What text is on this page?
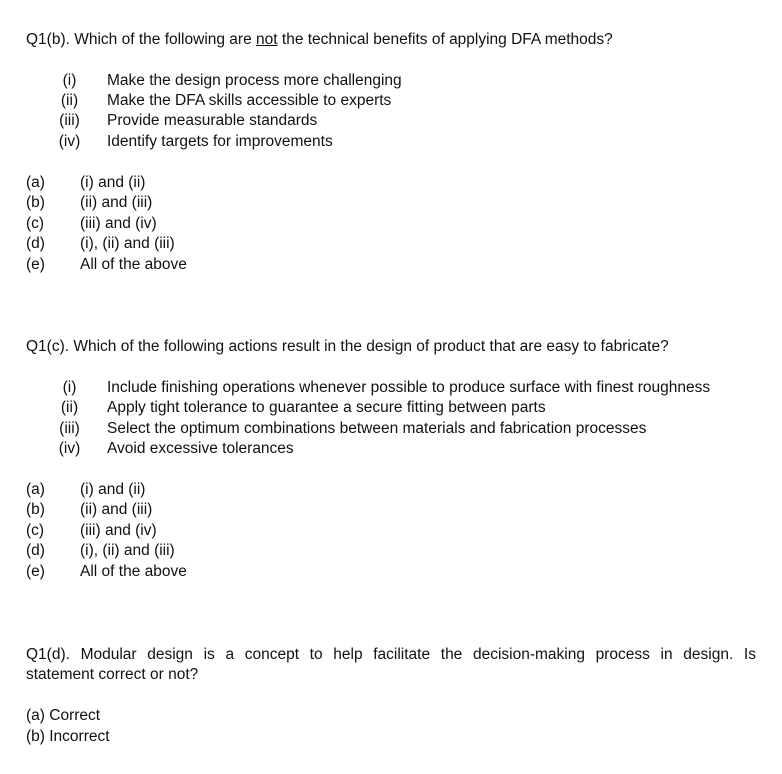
Q1(b). Which of the following are not the technical benefits of applying DFA methods?
(i)	Make the design process more challenging
(ii)	Make the DFA skills accessible to experts
(iii) Provide measurable standards
(iv) Identify targets for improvements
(a) (i) and (ii)
(b) (ii) and (iii)
(c) (iii) and (iv)
(d) (i), (ii) and (iii)
(e) All of the above
Q1(c). Which of the following actions result in the design of product that are easy to fabricate?
(i)	Include finishing operations whenever possible to produce surface with finest roughness
(ii)	Apply tight tolerance to guarantee a secure fitting between parts
(iii) Select the optimum combinations between materials and fabrication processes
(iv) Avoid excessive tolerances
(a) (i) and (ii)
(b) (ii) and (iii)
(c) (iii) and (iv)
(d) (i), (ii) and (iii)
(e) All of the above
Q1(d). Modular design is a concept to help facilitate the decision-making process in design. Is
statement correct or not?
(a) Correct
(b) Incorrect
